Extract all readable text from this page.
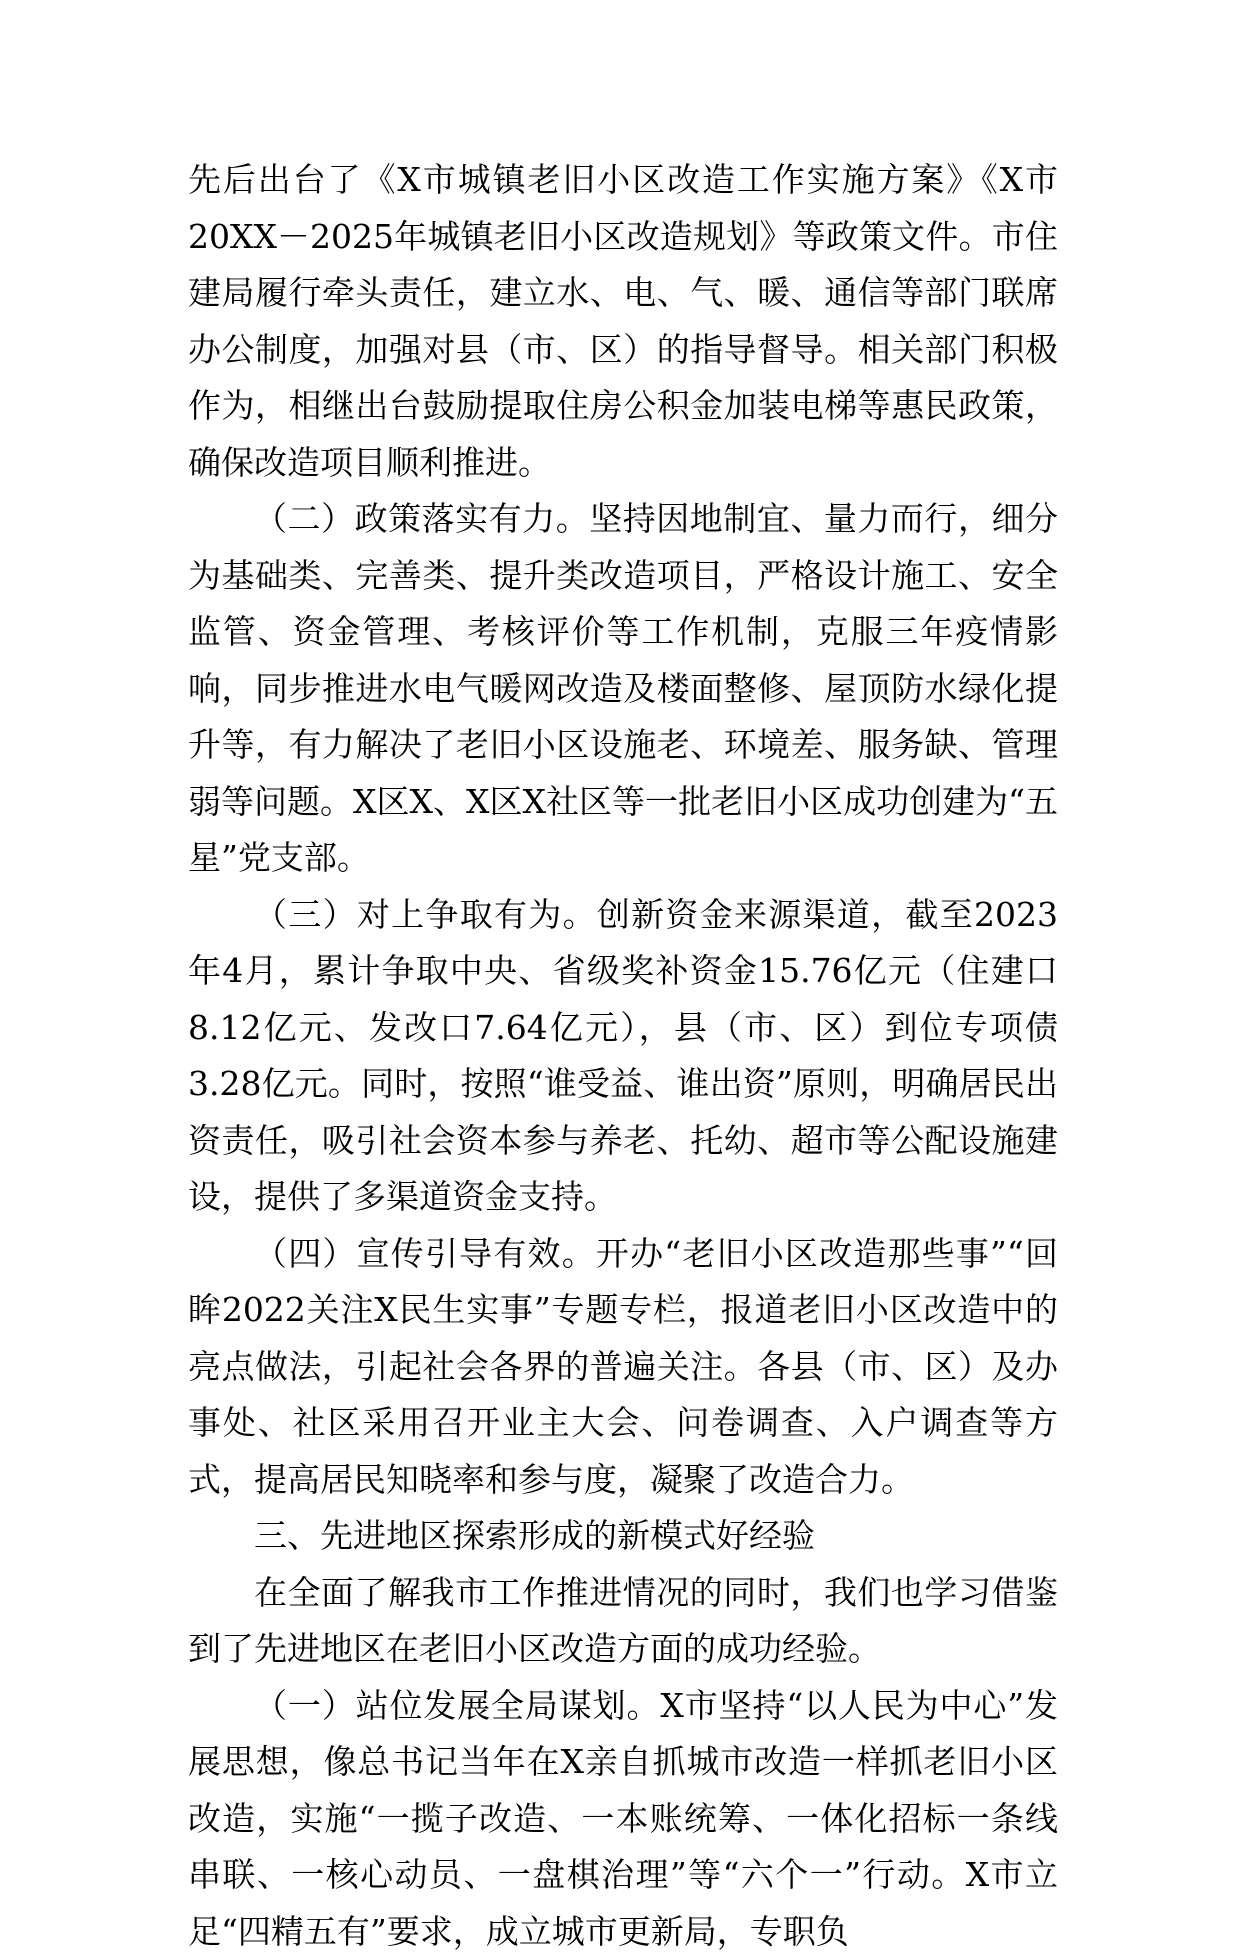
先后出台了《X市城镇老旧小区改造工作实施方案》《X市20XX－2025年城镇老旧小区改造规划》等政策文件。市住建局履行牵头责任，建立水、电、气、暖、通信等部门联席办公制度，加强对县（市、区）的指导督导。相关部门积极作为，相继出台鼓励提取住房公积金加装电梯等惠民政策，确保改造项目顺利推进。

（二）政策落实有力。坚持因地制宜、量力而行，细分为基础类、完善类、提升类改造项目，严格设计施工、安全监管、资金管理、考核评价等工作机制，克服三年疫情影响，同步推进水电气暖网改造及楼面整修、屋顶防水绿化提升等，有力解决了老旧小区设施老、环境差、服务缺、管理弱等问题。X区X、X区X社区等一批老旧小区成功创建为“五星”党支部。

（三）对上争取有为。创新资金来源渠道，截至2023年4月，累计争取中央、省级奖补资金15.76亿元（住建口8.12亿元、发改口7.64亿元），县（市、区）到位专项债3.28亿元。同时，按照“谁受益、谁出资”原则，明确居民出资责任，吸引社会资本参与养老、托幼、超市等公配设施建设，提供了多渠道资金支持。

（四）宣传引导有效。开办“老旧小区改造那些事”“回眸2022关注X民生实事”专题专栏，报道老旧小区改造中的亮点做法，引起社会各界的普遍关注。各县（市、区）及办事处、社区采用召开业主大会、问卷调查、入户调查等方式，提高居民知晓率和参与度，凝聚了改造合力。

三、先进地区探索形成的新模式好经验

在全面了解我市工作推进情况的同时，我们也学习借鉴到了先进地区在老旧小区改造方面的成功经验。

（一）站位发展全局谋划。X市坚持“以人民为中心”发展思想，像总书记当年在X亲自抓城市改造一样抓老旧小区改造，实施“一揽子改造、一本账统筹、一体化招标一条线串联、一核心动员、一盘棋治理”等“六个一”行动。X市立足“四精五有”要求，成立城市更新局，专职负
